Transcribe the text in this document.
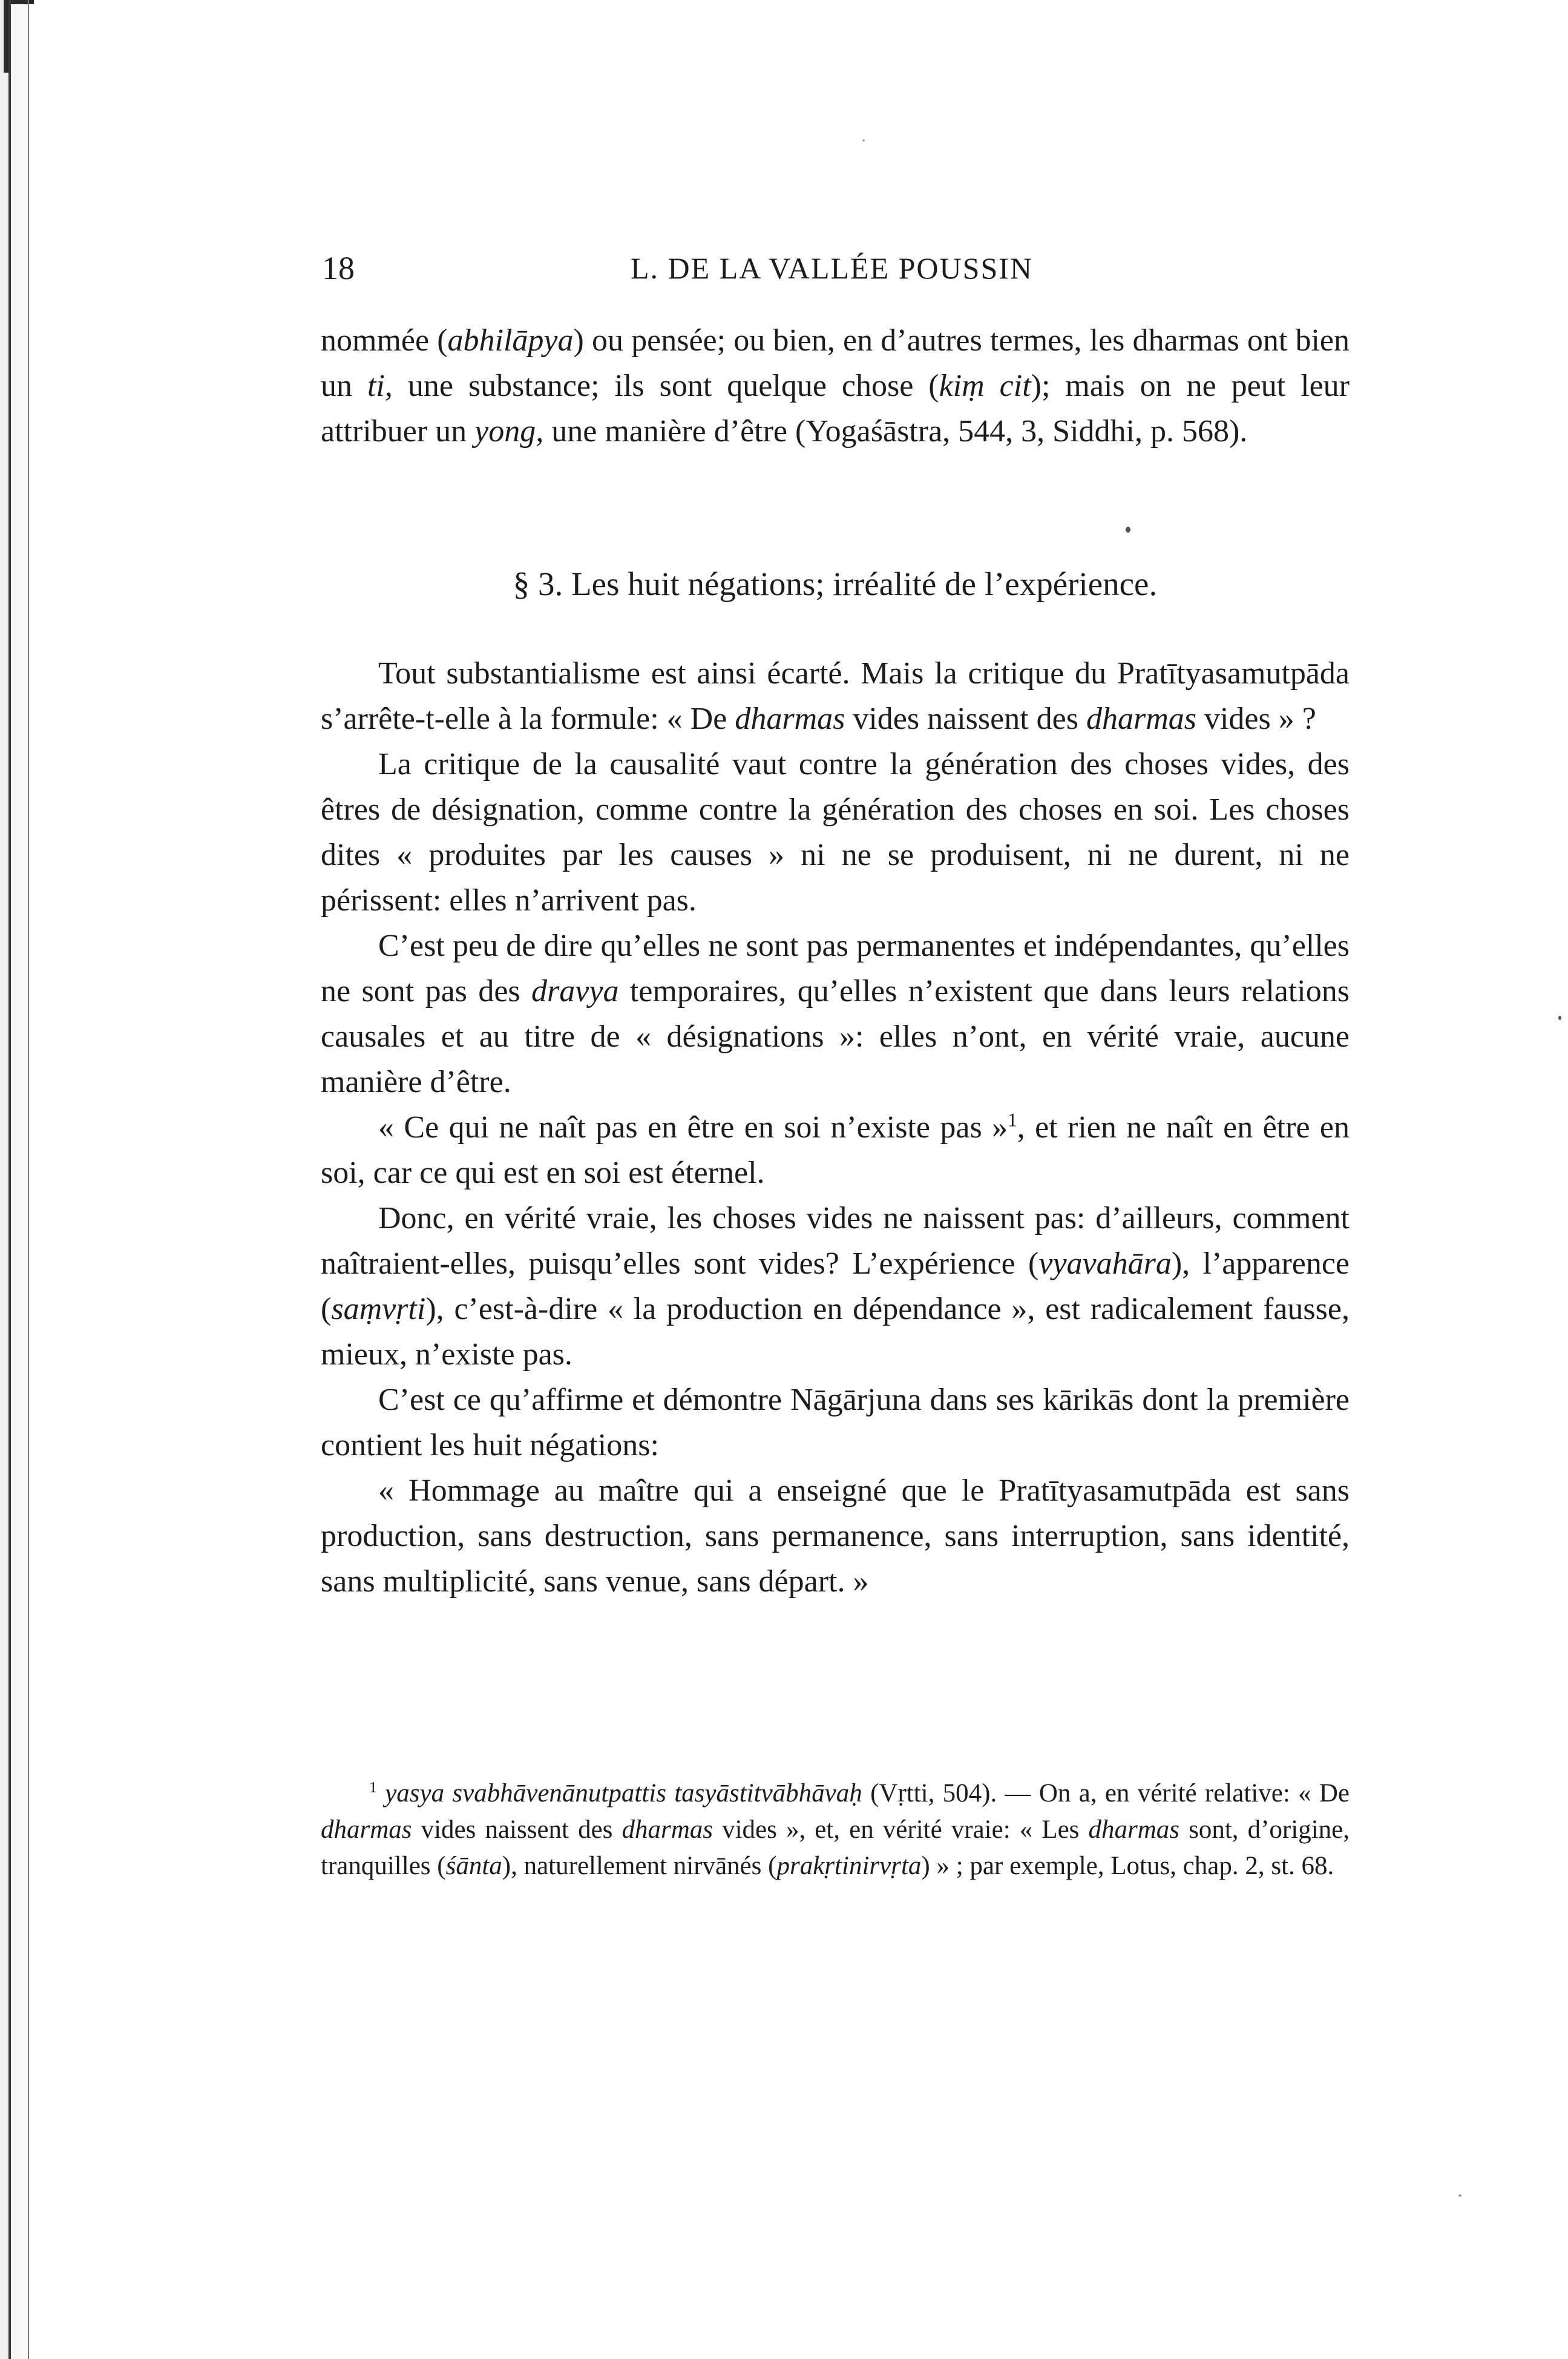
18	L. DE LA VALLÉE POUSSIN

nommée (abhilāpya) ou pensée; ou bien, en d’autres termes, les dharmas ont bien un ti, une substance; ils sont quelque chose (kiṃ cit); mais on ne peut leur attribuer un yong, une manière d’être (Yogaśāstra, 544, 3, Siddhi, p. 568).

§ 3. Les huit négations; irréalité de l’expérience.

Tout substantialisme est ainsi écarté. Mais la critique du Pratītyasamutpāda s’arrête-t-elle à la formule: « De dharmas vides naissent des dharmas vides » ?

La critique de la causalité vaut contre la génération des choses vides, des êtres de désignation, comme contre la génération des choses en soi. Les choses dites « produites par les causes » ni ne se produisent, ni ne durent, ni ne périssent: elles n’arrivent pas.

C’est peu de dire qu’elles ne sont pas permanentes et indépendantes, qu’elles ne sont pas des dravya temporaires, qu’elles n’existent que dans leurs relations causales et au titre de « désignations »: elles n’ont, en vérité vraie, aucune manière d’être.

« Ce qui ne naît pas en être en soi n’existe pas »$^1$, et rien ne naît en être en soi, car ce qui est en soi est éternel.

Donc, en vérité vraie, les choses vides ne naissent pas: d’ailleurs, comment naîtraient-elles, puisqu’elles sont vides? L’expérience (vyavahāra), l’apparence (saṃvṛti), c’est-à-dire « la production en dépendance », est radicalement fausse, mieux, n’existe pas.

C’est ce qu’affirme et démontre Nāgārjuna dans ses kārikās dont la première contient les huit négations:

« Hommage au maître qui a enseigné que le Pratītyasamutpāda est sans production, sans destruction, sans permanence, sans interruption, sans identité, sans multiplicité, sans venue, sans départ. »

$^1$ yasya svabhāvenānutpattis tasyāstitvābhāvaḥ (Vṛtti, 504). — On a, en vérité relative: « De dharmas vides naissent des dharmas vides », et, en vérité vraie: « Les dharmas sont, d’origine, tranquilles (śānta), naturellement nirvānés (prakṛtinirvṛta) » ; par exemple, Lotus, chap. 2, st. 68.
